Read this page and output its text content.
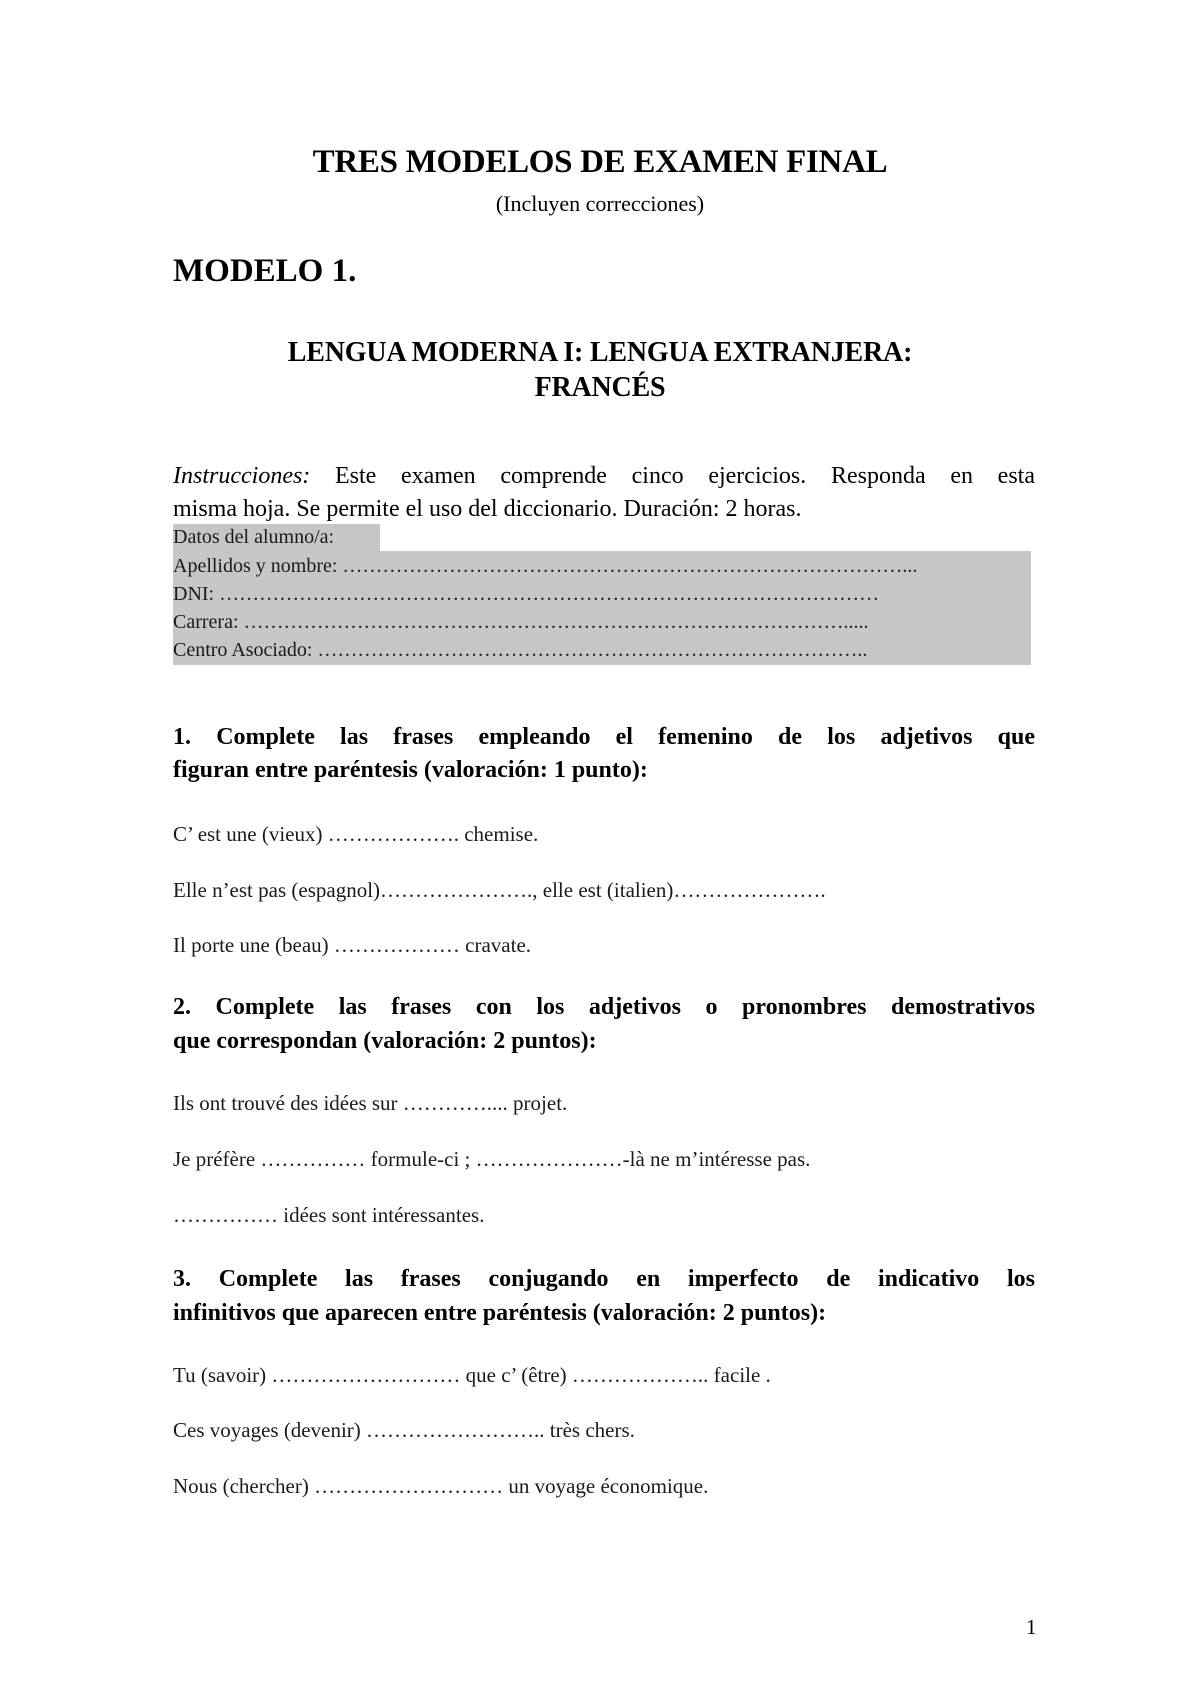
TRES MODELOS DE EXAMEN FINAL
(Incluyen correcciones)
MODELO 1.
LENGUA MODERNA I: LENGUA EXTRANJERA:
FRANCÉS
Instrucciones: Este examen comprende cinco ejercicios. Responda en esta
misma hoja. Se permite el uso del diccionario. Duración: 2 horas.
Datos del alumno/a:
Apellidos y nombre: …………………………………………………………………………...
DNI: ………………………………………………………………………………………
Carrera: ……………………………………………………………………………….....
Centro Asociado: ………………………………………………………………………..
1. Complete las frases empleando el femenino de los adjetivos que
figuran entre paréntesis (valoración: 1 punto):
C’ est une (vieux) ………………. chemise.
Elle n’est pas (espagnol)…………………., elle est (italien)………………….
Il porte une (beau) ……………… cravate.
2. Complete las frases con los adjetivos o pronombres demostrativos
que correspondan (valoración: 2 puntos):
Ils ont trouvé des idées sur ………….... projet.
Je préfère …………… formule-ci ; …………………-là ne m’intéresse pas.
…………… idées sont intéressantes.
3. Complete las frases conjugando en imperfecto de indicativo los
infinitivos que aparecen entre paréntesis (valoración: 2 puntos):
Tu (savoir) ……………………… que c’ (être) ……………….. facile .
Ces voyages (devenir) …………………….. très chers.
Nous (chercher) ……………………… un voyage économique.
1
